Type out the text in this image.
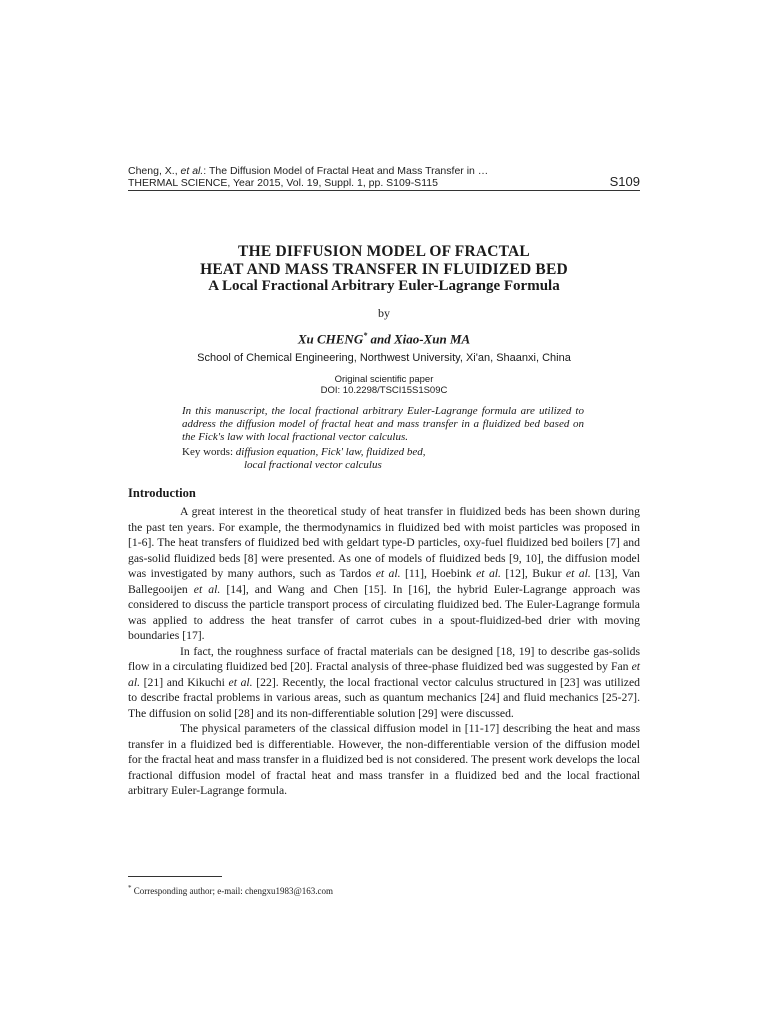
Cheng, X., et al.: The Diffusion Model of Fractal Heat and Mass Transfer in …
THERMAL SCIENCE, Year 2015, Vol. 19, Suppl. 1, pp. S109-S115	S109
THE DIFFUSION MODEL OF FRACTAL
HEAT AND MASS TRANSFER IN FLUIDIZED BED
A Local Fractional Arbitrary Euler-Lagrange Formula
by
Xu CHENG* and Xiao-Xun MA
School of Chemical Engineering, Northwest University, Xi'an, Shaanxi, China
Original scientific paper
DOI: 10.2298/TSCI15S1S09C
In this manuscript, the local fractional arbitrary Euler-Lagrange formula are utilized to address the diffusion model of fractal heat and mass transfer in a fluidized bed based on the Fick's law with local fractional vector calculus.
Key words: diffusion equation, Fick' law, fluidized bed,
local fractional vector calculus
Introduction

A great interest in the theoretical study of heat transfer in fluidized beds has been shown during the past ten years. For example, the thermodynamics in fluidized bed with moist particles was proposed in [1-6]. The heat transfers of fluidized bed with geldart type-D particles, oxy-fuel fluidized bed boilers [7] and gas-solid fluidized beds [8] were presented. As one of models of fluidized beds [9, 10], the diffusion model was investigated by many authors, such as Tardos et al. [11], Hoebink et al. [12], Bukur et al. [13], Van Ballegooijen et al. [14], and Wang and Chen [15]. In [16], the hybrid Euler-Lagrange approach was considered to discuss the particle transport process of circulating fluidized bed. The Euler-Lagrange formula was applied to address the heat transfer of carrot cubes in a spout-fluidized-bed drier with moving boundaries [17].

In fact, the roughness surface of fractal materials can be designed [18, 19] to describe gas-solids flow in a circulating fluidized bed [20]. Fractal analysis of three-phase fluidized bed was suggested by Fan et al. [21] and Kikuchi et al. [22]. Recently, the local fractional vector calculus structured in [23] was utilized to describe fractal problems in various areas, such as quantum mechanics [24] and fluid mechanics [25-27]. The diffusion on solid [28] and its non-differentiable solution [29] were discussed.

The physical parameters of the classical diffusion model in [11-17] describing the heat and mass transfer in a fluidized bed is differentiable. However, the non-differentiable version of the diffusion model for the fractal heat and mass transfer in a fluidized bed is not considered. The present work develops the local fractional diffusion model of fractal heat and mass transfer in a fluidized bed and the local fractional arbitrary Euler-Lagrange formula.

* Corresponding author; e-mail: chengxu1983@163.com
